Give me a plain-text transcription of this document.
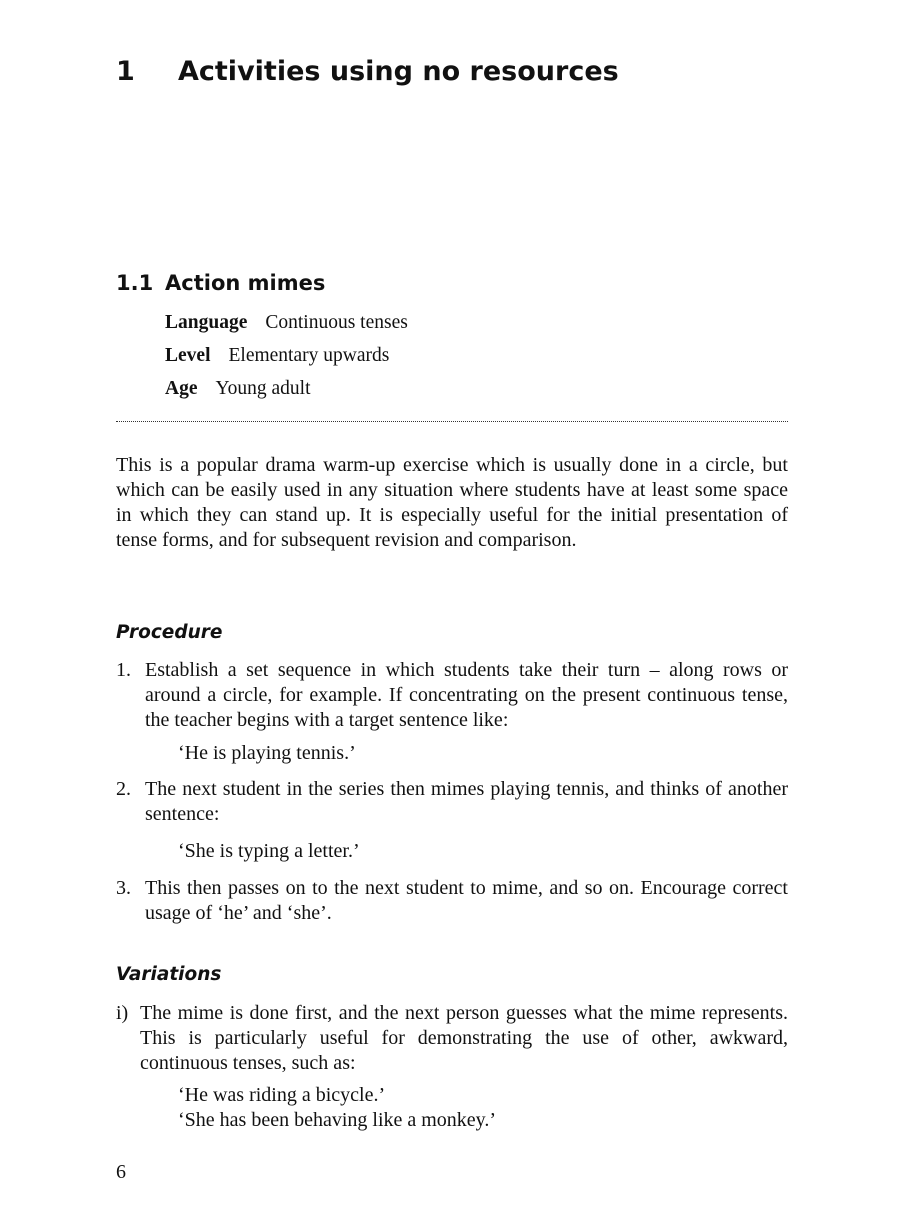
1 Activities using no resources
1.1 Action mimes
Language Continuous tenses
Level Elementary upwards
Age Young adult

This is a popular drama warm-up exercise which is usually done in a circle, but which can be easily used in any situation where students have at least some space in which they can stand up. It is especially useful for the initial presentation of tense forms, and for subsequent revision and comparison.

Procedure
1. Establish a set sequence in which students take their turn – along rows or around a circle, for example. If concentrating on the present continuous tense, the teacher begins with a target sentence like:
‘He is playing tennis.’
2. The next student in the series then mimes playing tennis, and thinks of another sentence:
‘She is typing a letter.’
3. This then passes on to the next student to mime, and so on. Encourage correct usage of ‘he’ and ‘she’.
Variations
i) The mime is done first, and the next person guesses what the mime represents. This is particularly useful for demonstrating the use of other, awkward, continuous tenses, such as:
‘He was riding a bicycle.’
‘She has been behaving like a monkey.’
6
